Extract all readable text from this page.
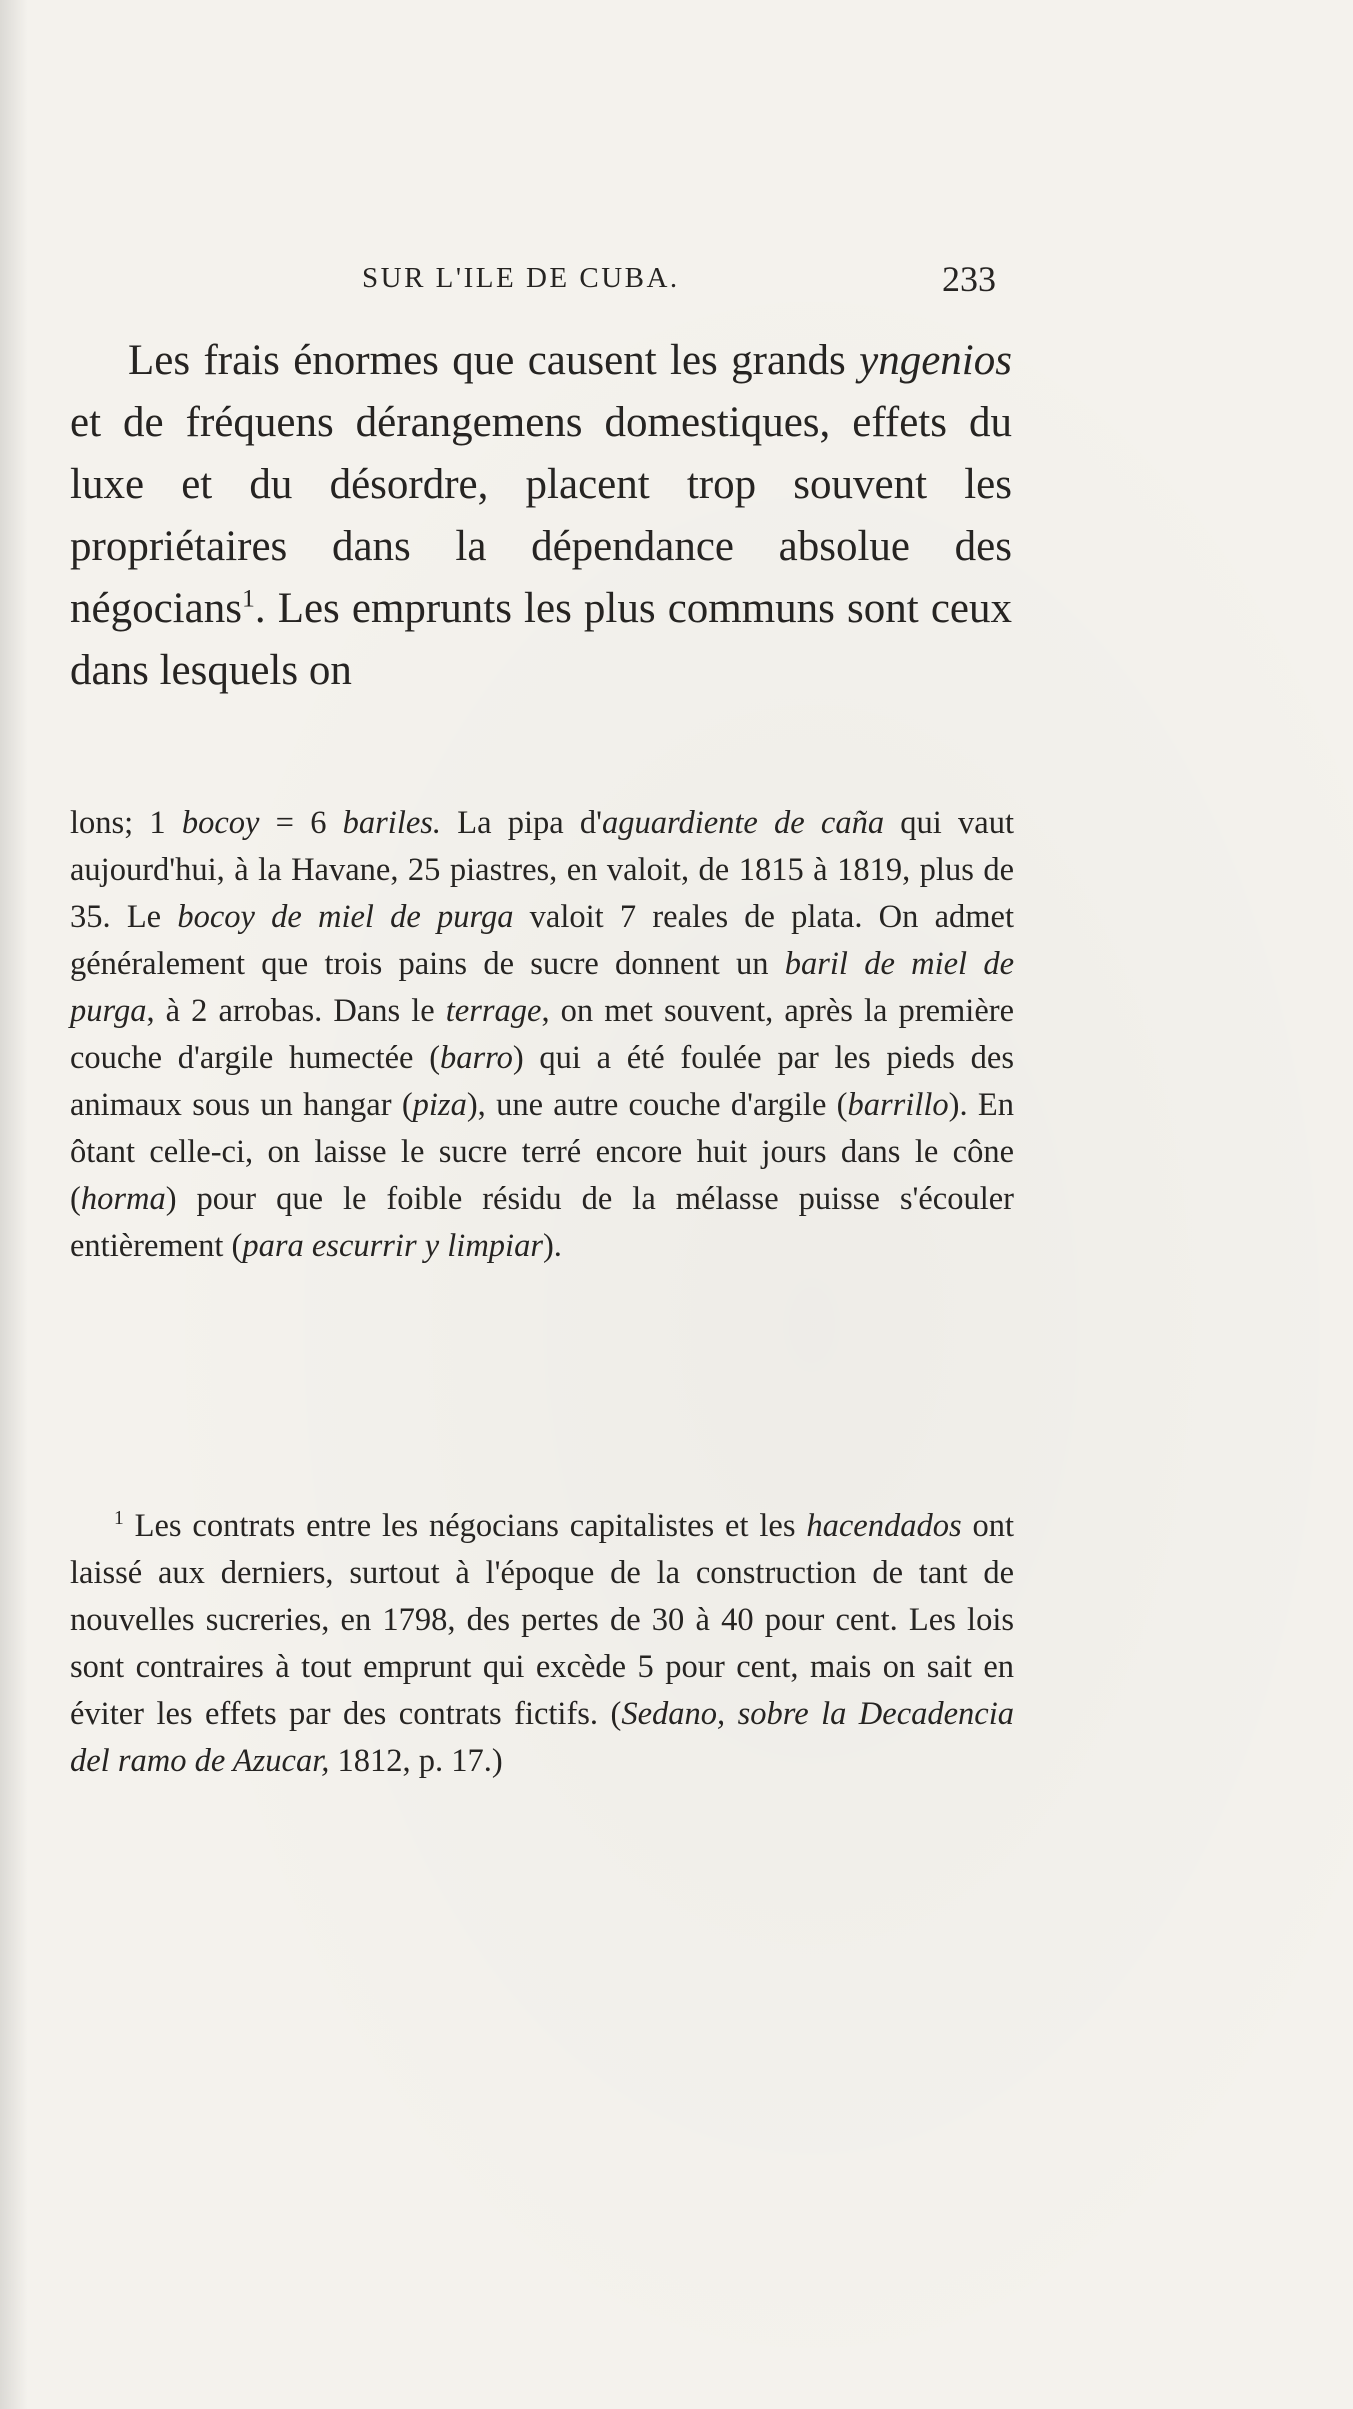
SUR L'ILE DE CUBA.	233

Les frais énormes que causent les grands yngenios et de fréquens dérangemens domestiques, effets du luxe et du désordre, placent trop souvent les propriétaires dans la dépendance absolue des négocians$^1$. Les emprunts les plus communs sont ceux dans lesquels on

lons; 1 bocoy = 6 bariles. La pipa d'aguardiente de caña qui vaut aujourd'hui, à la Havane, 25 piastres, en valoit, de 1815 à 1819, plus de 35. Le bocoy de miel de purga valoit 7 reales de plata. On admet généralement que trois pains de sucre donnent un baril de miel de purga, à 2 arrobas. Dans le terrage, on met souvent, après la première couche d'argile humectée (barro) qui a été foulée par les pieds des animaux sous un hangar (piza), une autre couche d'argile (barrillo). En ôtant celle-ci, on laisse le sucre terré encore huit jours dans le cône (horma) pour que le foible résidu de la mélasse puisse s'écouler entièrement (para escurrir y limpiar).

$^1$ Les contrats entre les négocians capitalistes et les hacendados ont laissé aux derniers, surtout à l'époque de la construction de tant de nouvelles sucreries, en 1798, des pertes de 30 à 40 pour cent. Les lois sont contraires à tout emprunt qui excède 5 pour cent, mais on sait en éviter les effets par des contrats fictifs. (Sedano, sobre la Decadencia del ramo de Azucar, 1812, p. 17.)
